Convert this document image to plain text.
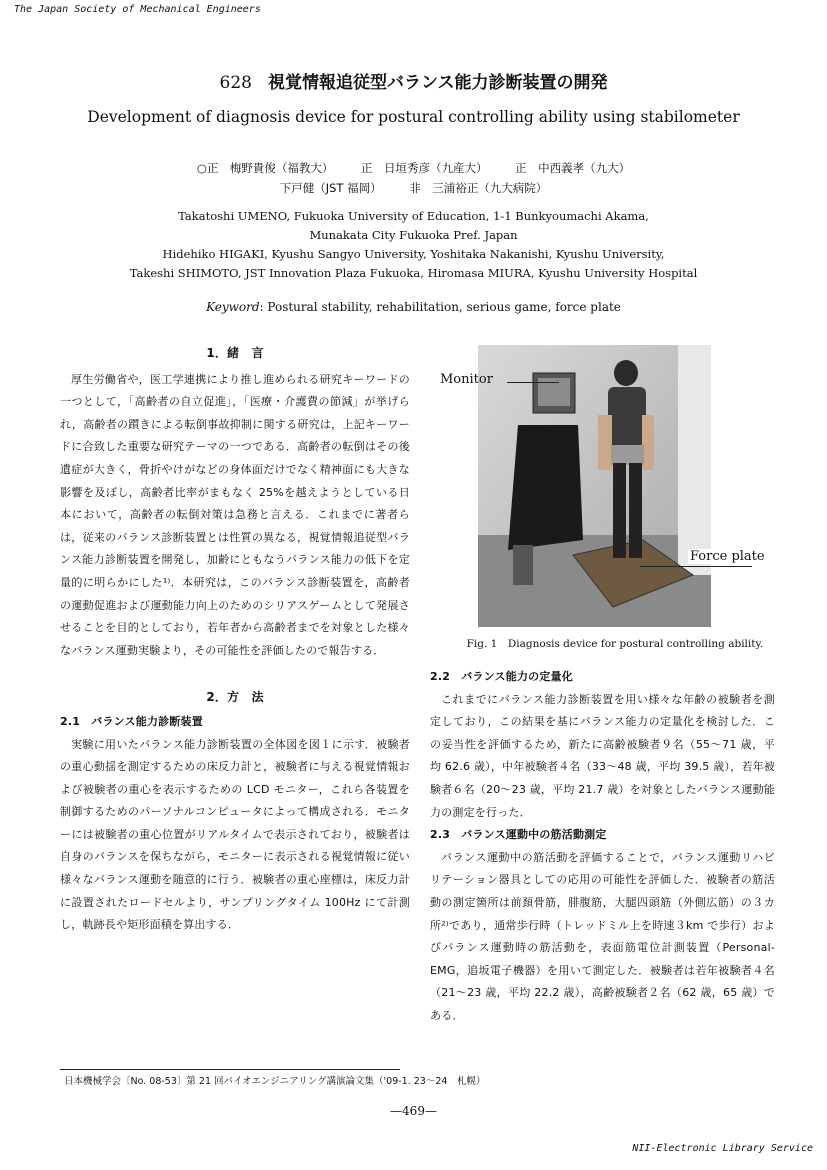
The Japan Society of Mechanical Engineers
628 視覚情報追従型バランス能力診断装置の開発
Development of diagnosis device for postural controlling ability using stabilometer
○正　梅野貴俊（福教大） 正　日垣秀彦（九産大） 正　中西義孝（九大）
下戸健（JST 福岡） 非　三浦裕正（九大病院）
Takatoshi UMENO, Fukuoka University of Education, 1-1 Bunkyoumachi Akama,
Munakata City Fukuoka Pref. Japan
Hidehiko HIGAKI, Kyushu Sangyo University, Yoshitaka Nakanishi, Kyushu University,
Takeshi SHIMOTO, JST Innovation Plaza Fukuoka, Hiromasa MIURA, Kyushu University Hospital
Keyword: Postural stability, rehabilitation, serious game, force plate
1．緒　言

厚生労働省や，医工学連携により推し進められる研究キーワードの一つとして，「高齢者の自立促進」，「医療・介護費の節減」が挙げられ，高齢者の躓きによる転倒事故抑制に関する研究は，上記キーワードに合致した重要な研究テーマの一つである．高齢者の転倒はその後遺症が大きく，骨折やけがなどの身体面だけでなく精神面にも大きな影響を及ぼし，高齢者比率がまもなく 25%を越えようとしている日本において，高齢者の転倒対策は急務と言える．これまでに著者らは，従来のバランス診断装置とは性質の異なる，視覚情報追従型バランス能力診断装置を開発し，加齢にともなうバランス能力の低下を定量的に明らかにした¹⁾．本研究は，このバランス診断装置を，高齢者の運動促進および運動能力向上のためのシリアスゲームとして発展させることを目的としており，若年者から高齢者までを対象とした様々なバランス運動実験より，その可能性を評価したので報告する．

2．方　法
2.1　バランス能力診断装置

実験に用いたバランス能力診断装置の全体図を図１に示す．被験者の重心動揺を測定するための床反力計と，被験者に与える視覚情報および被験者の重心を表示するための LCD モニター，これら各装置を制御するためのパーソナルコンピュータによって構成される．モニターには被験者の重心位置がリアルタイムで表示されており，被験者は自身のバランスを保ちながら，モニターに表示される視覚情報に従い様々なバランス運動を随意的に行う．被験者の重心座標は，床反力計に設置されたロードセルより，サンプリングタイム 100Hz にて計測し，軌跡長や矩形面積を算出する．

Monitor
Force plate
Fig. 1　Diagnosis device for postural controlling ability.
2.2　バランス能力の定量化

これまでにバランス能力診断装置を用い様々な年齢の被験者を測定しており，この結果を基にバランス能力の定量化を検討した．この妥当性を評価するため，新たに高齢被験者９名（55〜71 歳，平均 62.6 歳），中年被験者４名（33〜48 歳，平均 39.5 歳），若年被験者６名（20〜23 歳，平均 21.7 歳）を対象としたバランス運動能力の測定を行った．

2.3　バランス運動中の筋活動測定

バランス運動中の筋活動を評価することで，バランス運動リハビリテーション器具としての応用の可能性を評価した．被験者の筋活動の測定箇所は前頚骨筋，腓腹筋，大腿四頭筋（外側広筋）の３カ所²⁾であり，通常歩行時（トレッドミル上を時速３km で歩行）およびバランス運動時の筋活動を，表面筋電位計測装置（Personal-EMG，追坂電子機器）を用いて測定した．被験者は若年被験者４名（21〜23 歳，平均 22.2 歳），高齢被験者２名（62 歳，65 歳）である．

日本機械学会〔No. 08-53〕第 21 回バイオエンジニアリング講演論文集（'09-1. 23〜24　札幌）
—469—
NII-Electronic Library Service
